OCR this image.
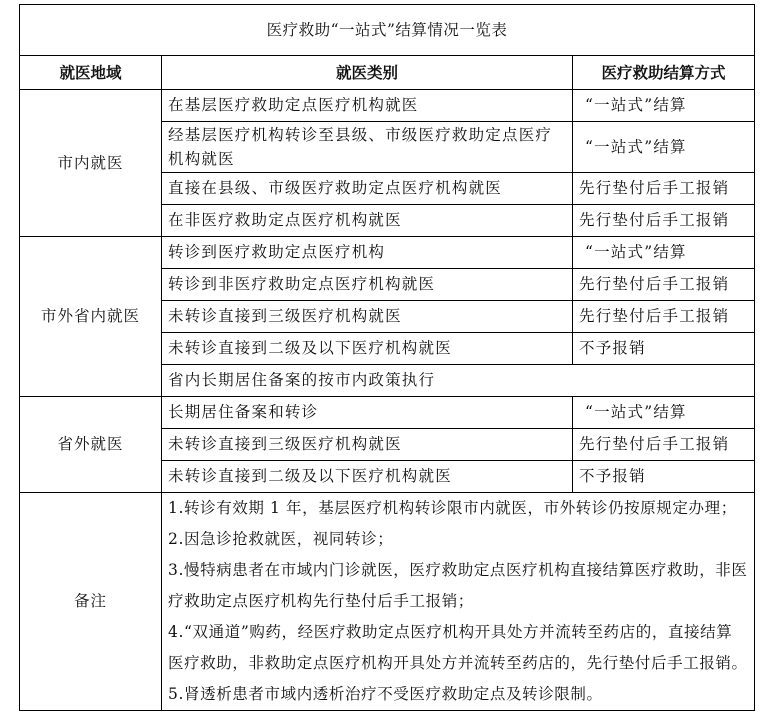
医疗救助“一站式”结算情况一览表		
就医地域	就医类别	医疗救助结算方式
市内就医	在基层医疗救助定点医疗机构就医	“一站式”结算
	经基层医疗机构转诊至县级、市级医疗救助定点医疗机构就医	“一站式”结算
	直接在县级、市级医疗救助定点医疗机构就医	先行垫付后手工报销
	在非医疗救助定点医疗机构就医	先行垫付后手工报销
市外省内就医	转诊到医疗救助定点医疗机构	“一站式”结算
	转诊到非医疗救助定点医疗机构就医	先行垫付后手工报销
	未转诊直接到三级医疗机构就医	先行垫付后手工报销
	未转诊直接到二级及以下医疗机构就医	不予报销
	省内长期居住备案的按市内政策执行	
省外就医	长期居住备案和转诊	“一站式”结算
	未转诊直接到三级医疗机构就医	先行垫付后手工报销
	未转诊直接到二级及以下医疗机构就医	不予报销
备注	1.转诊有效期 1 年，基层医疗机构转诊限市内就医，市外转诊仍按原规定办理；
2.因急诊抢救就医，视同转诊；
3.慢特病患者在市域内门诊就医，医疗救助定点医疗机构直接结算医疗救助，非医疗救助定点医疗机构先行垫付后手工报销；
4.“双通道”购药，经医疗救助定点医疗机构开具处方并流转至药店的，直接结算医疗救助，非救助定点医疗机构开具处方并流转至药店的，先行垫付后手工报销。
5.肾透析患者市域内透析治疗不受医疗救助定点及转诊限制。	
